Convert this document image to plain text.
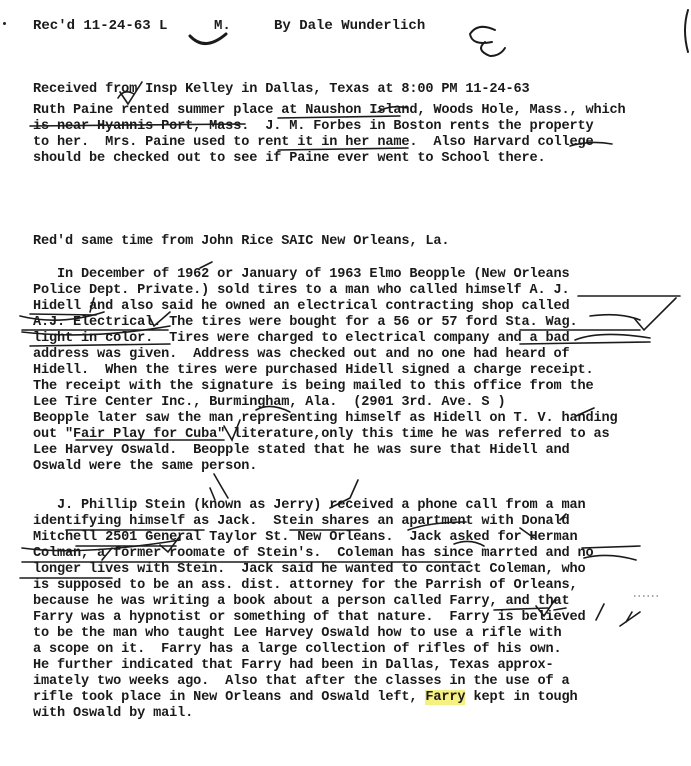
Rec'd 11-24-63 L	M.	By Dale Wunderlich
Received from Insp Kelley in Dallas, Texas at 8:00 PM 11-24-63
Ruth Paine rented summer place at Naushon Island, Woods Hole, Mass., which
is near Hyannis Port, Mass.  J. M. Forbes in Boston rents the property
to her.  Mrs. Paine used to rent it in her name.  Also Harvard college
should be checked out to see if Paine ever went to School there.
Red'd same time from John Rice SAIC New Orleans, La.
In December of 1962 or January of 1963 Elmo Beopple (New Orleans
Police Dept. Private.) sold tires to a man who called himself A. J.
Hidell and also said he owned an electrical contracting shop called
A.J. Electrical. The tires were bought for a 56 or 57 ford Sta. Wag.
light in color.  Tires were charged to electrical company and a bad
address was given.  Address was checked out and no one had heard of
Hidell.  When the tires were purchased Hidell signed a charge receipt.
The receipt with the signature is being mailed to this office from the
Lee Tire Center Inc., Burmingham, Ala.  (2901 3rd. Ave. S )
Beopple later saw the man representing himself as Hidell on T. V. handing
out "Fair Play for Cuba" literature,only this time he was referred to as
Lee Harvey Oswald.  Beopple stated that he was sure that Hidell and
Oswald were the same person.
J. Phillip Stein (known as Jerry) received a phone call from a man
identifying himself as Jack.  Stein shares an apartment with Donald
Mitchell 2501 General Taylor St. New Orleans.  Jack asked for Herman
Colman, a former roomate of Stein's.  Coleman has since marrted and no
longer lives with Stein.  Jack said he wanted to contact Coleman, who
is supposed to be an ass. dist. attorney for the Parrish of Orleans,
because he was writing a book about a person called Farry, and that
Farry was a hypnotist or something of that nature.  Farry is believed
to be the man who taught Lee Harvey Oswald how to use a rifle with
a scope on it.  Farry has a large collection of rifles of his own.
He further indicated that Farry had been in Dallas, Texas approx-
imately two weeks ago.  Also that after the classes in the use of a
rifle took place in New Orleans and Oswald left, Farry kept in tough
with Oswald by mail.
